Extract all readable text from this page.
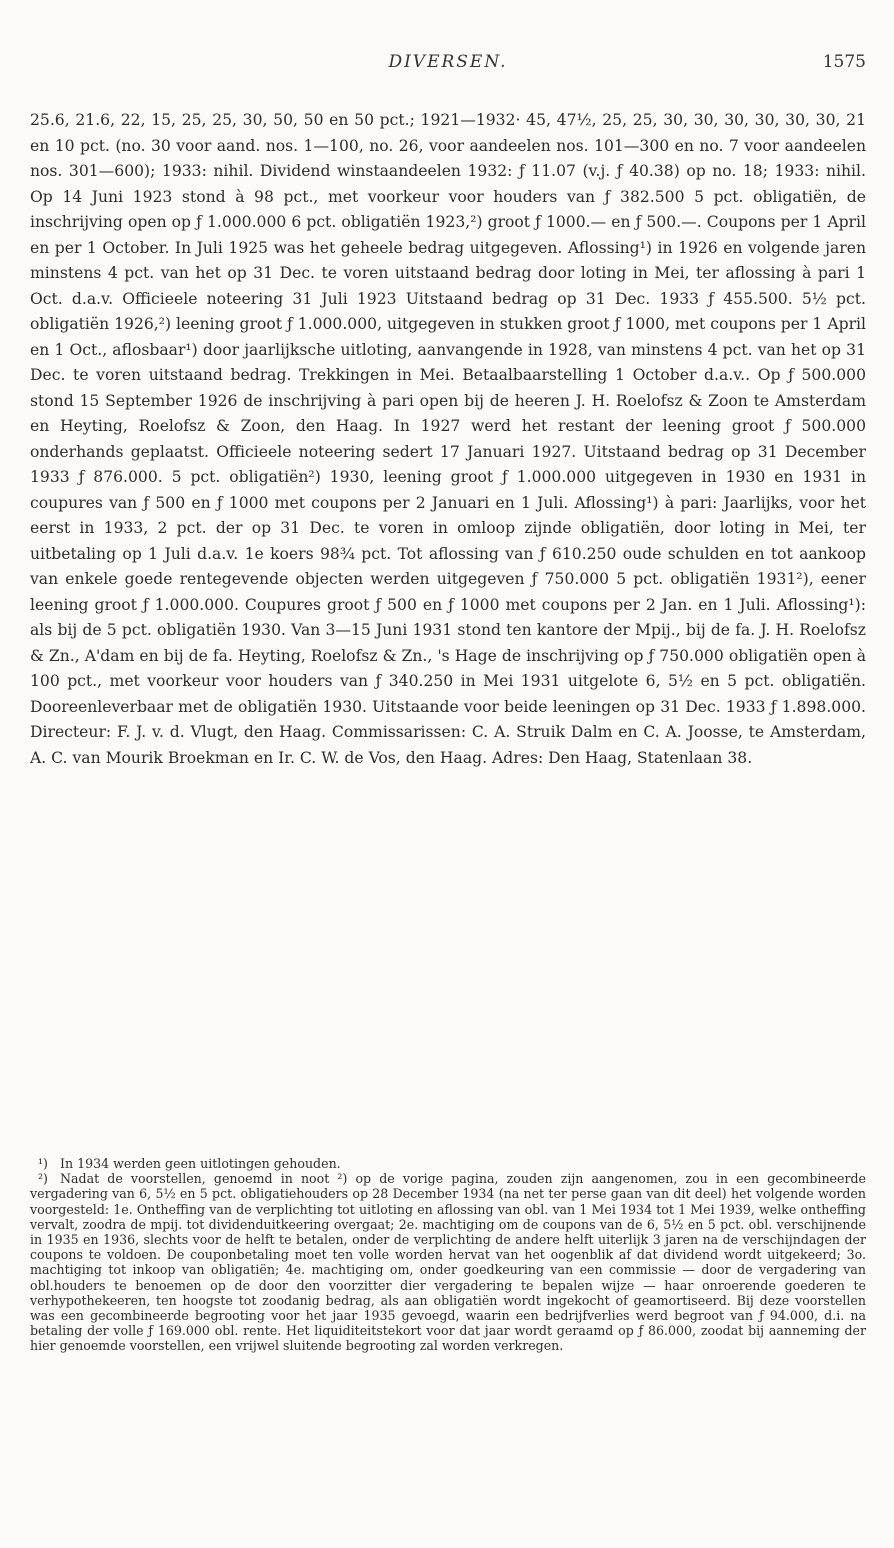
DIVERSEN.	1575

25.6, 21.6, 22, 15, 25, 25, 30, 50, 50 en 50 pct.; 1921—1932· 45, 47½, 25, 25, 30, 30, 30, 30, 30, 30, 21 en 10 pct. (no. 30 voor aand. nos. 1—100, no. 26, voor aandeelen nos. 101—300 en no. 7 voor aandeelen nos. 301—600); 1933: nihil. Dividend winstaandeelen 1932: ƒ 11.07 (v.j. ƒ 40.38) op no. 18; 1933: nihil. Op 14 Juni 1923 stond à 98 pct., met voorkeur voor houders van ƒ 382.500 5 pct. obligatiën, de inschrijving open op ƒ 1.000.000 6 pct. obligatiën 1923,²) groot ƒ 1000.— en ƒ 500.—. Coupons per 1 April en per 1 October. In Juli 1925 was het geheele bedrag uitgegeven. Aflossing¹) in 1926 en volgende jaren minstens 4 pct. van het op 31 Dec. te voren uitstaand bedrag door loting in Mei, ter aflossing à pari 1 Oct. d.a.v. Officieele noteering 31 Juli 1923 Uitstaand bedrag op 31 Dec. 1933 ƒ 455.500. 5½ pct. obligatiën 1926,²) leening groot ƒ 1.000.000, uitgegeven in stukken groot ƒ 1000, met coupons per 1 April en 1 Oct., aflosbaar¹) door jaarlijksche uitloting, aanvangende in 1928, van minstens 4 pct. van het op 31 Dec. te voren uitstaand bedrag. Trekkingen in Mei. Betaalbaarstelling 1 October d.a.v.. Op ƒ 500.000 stond 15 September 1926 de inschrijving à pari open bij de heeren J. H. Roelofsz & Zoon te Amsterdam en Heyting, Roelofsz & Zoon, den Haag. In 1927 werd het restant der leening groot ƒ 500.000 onderhands geplaatst. Officieele noteering sedert 17 Januari 1927. Uitstaand bedrag op 31 December 1933 ƒ 876.000. 5 pct. obligatiën²) 1930, leening groot ƒ 1.000.000 uitgegeven in 1930 en 1931 in coupures van ƒ 500 en ƒ 1000 met coupons per 2 Januari en 1 Juli. Aflossing¹) à pari: Jaarlijks, voor het eerst in 1933, 2 pct. der op 31 Dec. te voren in omloop zijnde obligatiën, door loting in Mei, ter uitbetaling op 1 Juli d.a.v. 1e koers 98¾ pct. Tot aflossing van ƒ 610.250 oude schulden en tot aankoop van enkele goede rentegevende objecten werden uitgegeven ƒ 750.000 5 pct. obligatiën 1931²), eener leening groot ƒ 1.000.000. Coupures groot ƒ 500 en ƒ 1000 met coupons per 2 Jan. en 1 Juli. Aflossing¹): als bij de 5 pct. obligatiën 1930. Van 3—15 Juni 1931 stond ten kantore der Mpij., bij de fa. J. H. Roelofsz & Zn., A'dam en bij de fa. Heyting, Roelofsz & Zn., 's Hage de inschrijving op ƒ 750.000 obligatiën open à 100 pct., met voorkeur voor houders van ƒ 340.250 in Mei 1931 uitgelote 6, 5½ en 5 pct. obligatiën. Dooreenleverbaar met de obligatiën 1930. Uitstaande voor beide leeningen op 31 Dec. 1933 ƒ 1.898.000. Directeur: F. J. v. d. Vlugt, den Haag. Commissarissen: C. A. Struik Dalm en C. A. Joosse, te Amsterdam, A. C. van Mourik Broekman en Ir. C. W. de Vos, den Haag. Adres: Den Haag, Statenlaan 38.

¹) In 1934 werden geen uitlotingen gehouden.

²) Nadat de voorstellen, genoemd in noot ²) op de vorige pagina, zouden zijn aangenomen, zou in een gecombineerde vergadering van 6, 5½ en 5 pct. obligatiehouders op 28 December 1934 (na net ter perse gaan van dit deel) het volgende worden voorgesteld: 1e. Ontheffing van de verplichting tot uitloting en aflossing van obl. van 1 Mei 1934 tot 1 Mei 1939, welke ontheffing vervalt, zoodra de mpij. tot dividenduitkeering overgaat; 2e. machtiging om de coupons van de 6, 5½ en 5 pct. obl. verschijnende in 1935 en 1936, slechts voor de helft te betalen, onder de verplichting de andere helft uiterlijk 3 jaren na de verschijndagen der coupons te voldoen. De couponbetaling moet ten volle worden hervat van het oogenblik af dat dividend wordt uitgekeerd; 3o. machtiging tot inkoop van obligatiën; 4e. machtiging om, onder goedkeuring van een commissie — door de vergadering van obl.houders te benoemen op de door den voorzitter dier vergadering te bepalen wijze — haar onroerende goederen te verhypothekeeren, ten hoogste tot zoodanig bedrag, als aan obligatiën wordt ingekocht of geamortiseerd. Bij deze voorstellen was een gecombineerde begrooting voor het jaar 1935 gevoegd, waarin een bedrijfverlies werd begroot van ƒ 94.000, d.i. na betaling der volle ƒ 169.000 obl. rente. Het liquiditeitstekort voor dat jaar wordt geraamd op ƒ 86.000, zoodat bij aanneming der hier genoemde voorstellen, een vrijwel sluitende begrooting zal worden verkregen.
